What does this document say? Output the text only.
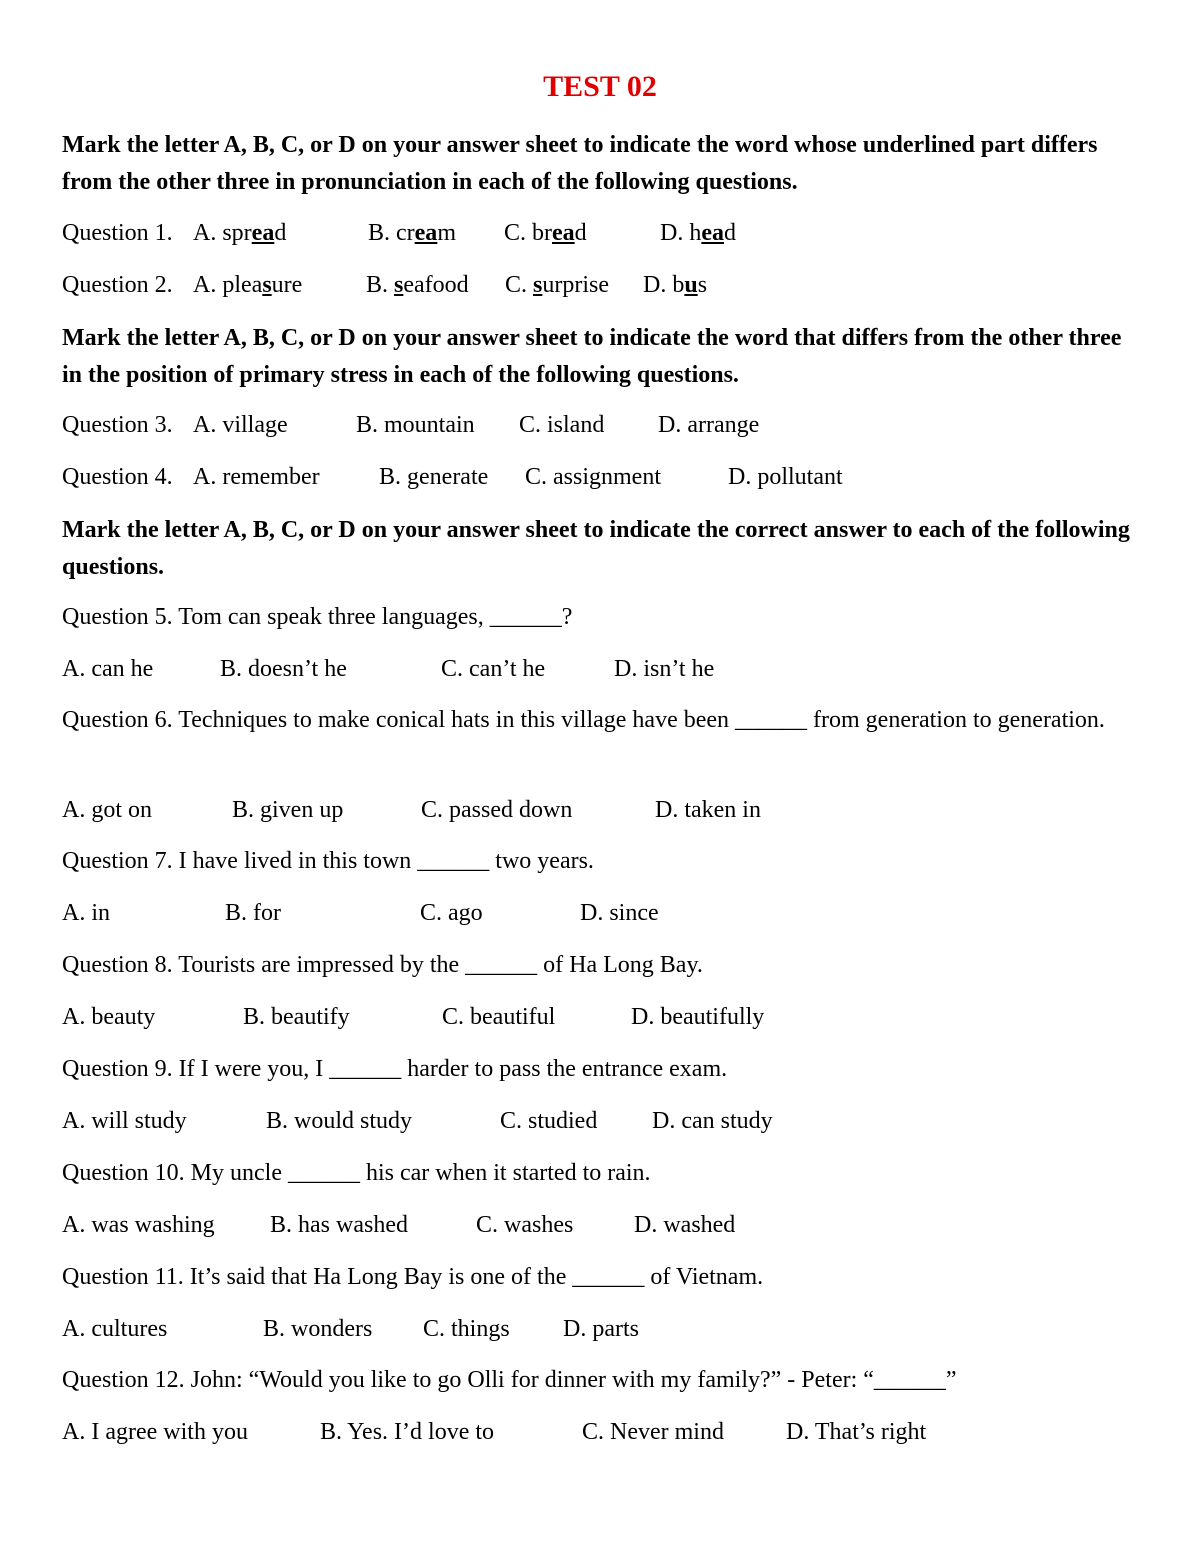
TEST 02
Mark the letter A, B, C, or D on your answer sheet to indicate the word whose underlined part differs from the other three in pronunciation in each of the following questions.
Question 1. A. spread	B. cream C. bread	D. head
Question 2. A. pleasure	B. seafood C. surprise D. bus
Mark the letter A, B, C, or D on your answer sheet to indicate the word that differs from the other three in the position of primary stress in each of the following questions.
Question 3. A. village	B. mountain C. island D. arrange
Question 4. A. remember B. generate C. assignment	D. pollutant
Mark the letter A, B, C, or D on your answer sheet to indicate the correct answer to each of the following questions.
Question 5. Tom can speak three languages, ______?
A. can he	B. doesn’t he	C. can’t he	D. isn’t he
Question 6. Techniques to make conical hats in this village have been ______ from generation to generation.
A. got on	B. given up	C. passed down	D. taken in
Question 7. I have lived in this town ______ two years.
A. in	B. for	C. ago	D. since
Question 8. Tourists are impressed by the ______ of Ha Long Bay.
A. beauty	B. beautify	C. beautiful	D. beautifully
Question 9. If I were you, I ______ harder to pass the entrance exam.
A. will study	B. would study	C. studied D. can study
Question 10. My uncle ______ his car when it started to rain.
A. was washing B. has washed	C. washes	D. washed
Question 11. It’s said that Ha Long Bay is one of the ______ of Vietnam.
A. cultures	B. wonders C. things D. parts
Question 12. John: “Would you like to go Olli for dinner with my family?” - Peter: “______”
A. I agree with you	B. Yes. I’d love to	C. Never mind	D. That’s right
